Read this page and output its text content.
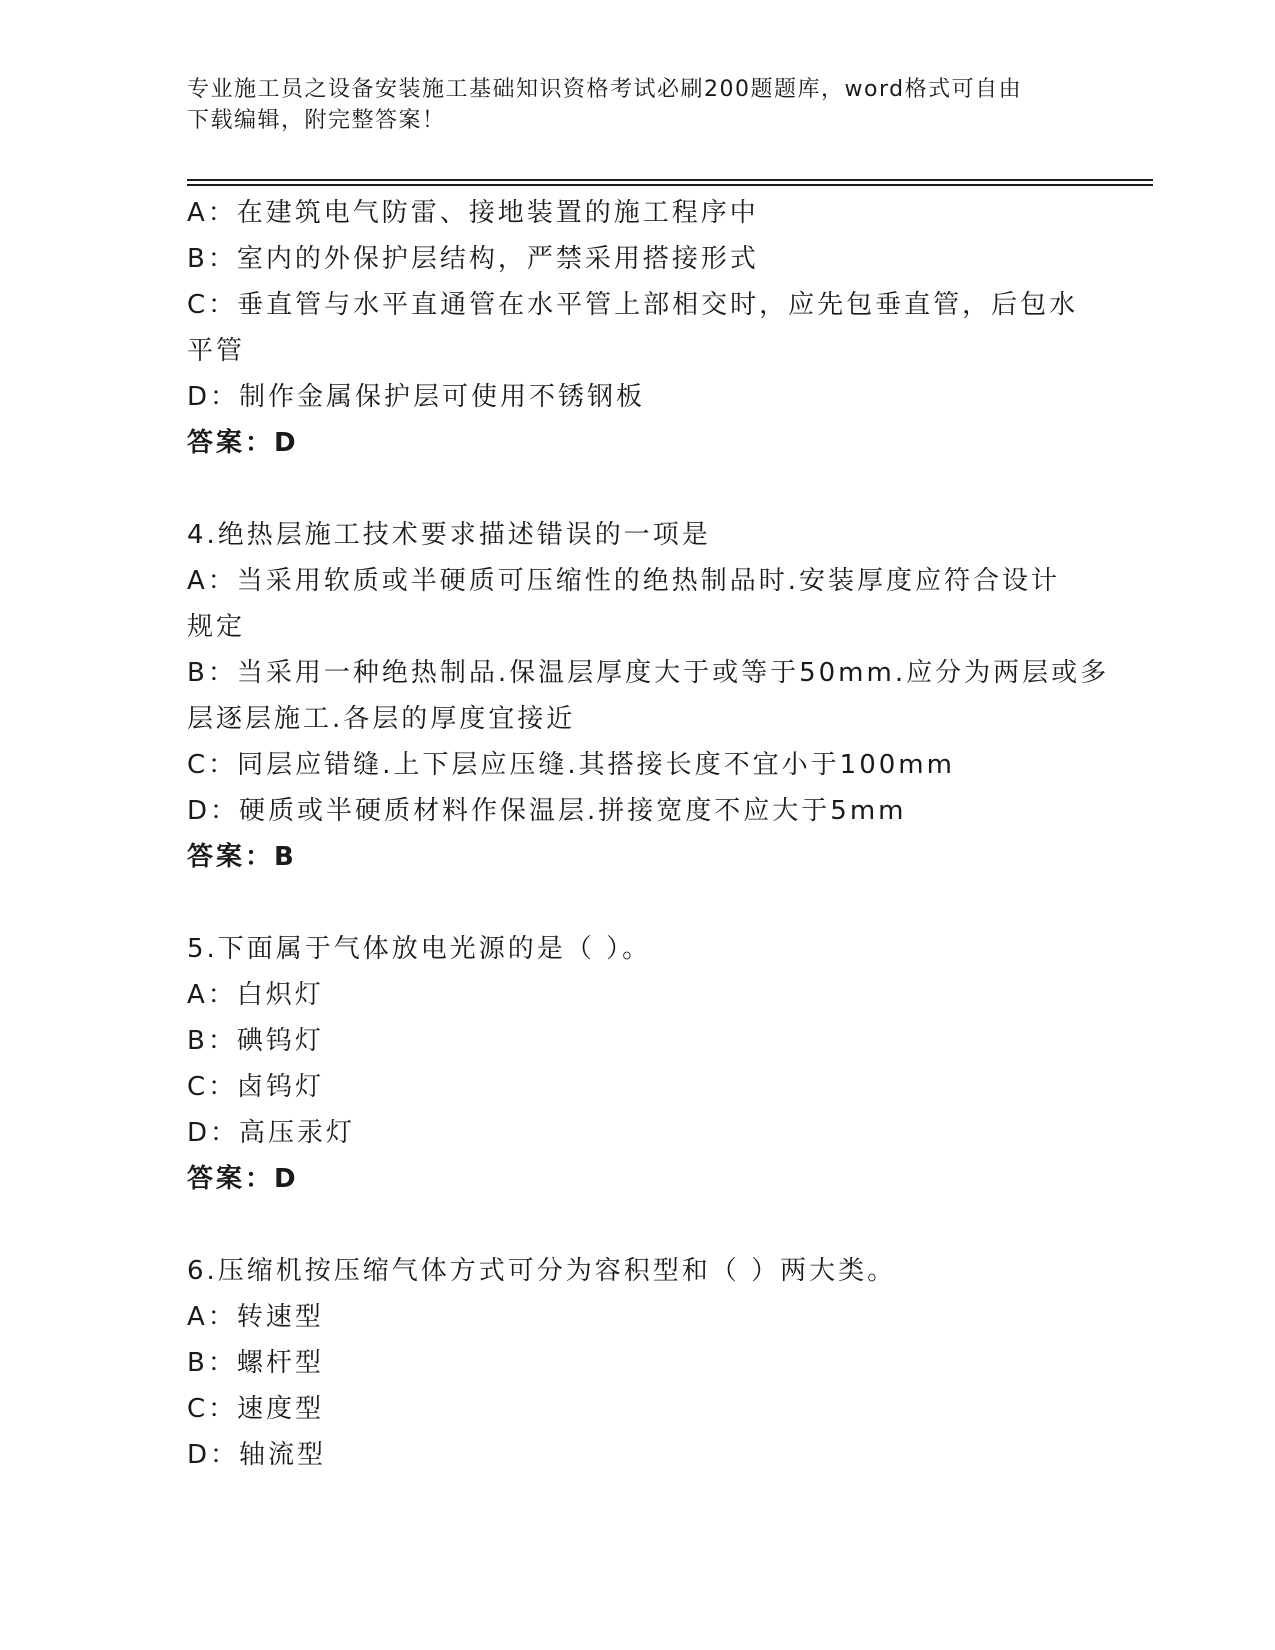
专业施工员之设备安装施工基础知识资格考试必刷200题题库，word格式可自由
下载编辑，附完整答案！
A：在建筑电气防雷、接地装置的施工程序中
B：室内的外保护层结构，严禁采用搭接形式
C：垂直管与水平直通管在水平管上部相交时，应先包垂直管，后包水
平管
D：制作金属保护层可使用不锈钢板
答案：D
4.绝热层施工技术要求描述错误的一项是
A：当采用软质或半硬质可压缩性的绝热制品时.安装厚度应符合设计
规定
B：当采用一种绝热制品.保温层厚度大于或等于50mm.应分为两层或多
层逐层施工.各层的厚度宜接近
C：同层应错缝.上下层应压缝.其搭接长度不宜小于100mm
D：硬质或半硬质材料作保温层.拼接宽度不应大于5mm
答案：B
5.下面属于气体放电光源的是（ ）。
A：白炽灯
B：碘钨灯
C：卤钨灯
D：高压汞灯
答案：D
6.压缩机按压缩气体方式可分为容积型和（ ）两大类。
A：转速型
B：螺杆型
C：速度型
D：轴流型
